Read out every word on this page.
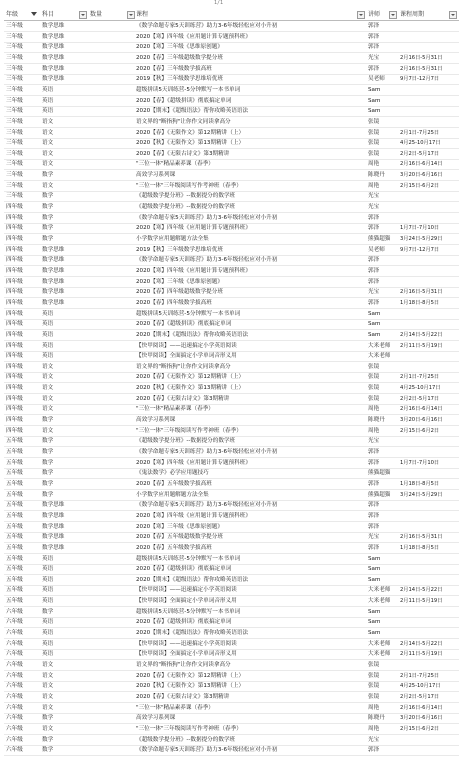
1/1
年级	科目	数量	课程	讲师	课程周期
三年级	数学思维	《数学命题专家5天训练营》助力3-6年级轻松应对小升初	郭泽
三年级	数学思维	2020【寒】四年级《应用题计算专题预科班》	郭泽
三年级	数学思维	2020【寒】三年级《思维原创题》	郭泽
三年级	数学思维	2020【春】三年级超级数学提分班	光宝	2月16日-5月31日
三年级	数学思维	2020【春】三年级数学拔高班	郭泽	2月16日-5月31日
三年级	数学思维	2019【秋】三年级数学思维培优班	吴老师	9月7日-12月7日
三年级	英语	超级拼读5天训练营-5分钟默写一本书单词	Sam
三年级	英语	2020【春】《超级拼读》彻底搞定单词	Sam
三年级	英语	2020【期末】《超级语法》帮你攻略英语语法	Sam
三年级	语文	语文界的"断指狗"让你作文同读拿高分	张镜
三年级	语文	2020【春】《无限作文》第12期精讲（上）	张镜	2月1日-7月25日
三年级	语文	2020【秋】《无限作文》第13期精讲（上）	张镜	4月25-10月17日
三年级	语文	2020【春】《无限古诗文》第3期精讲	张镜	2月2日-5月17日
三年级	语文	"三位一体"精品素养课（春季）	周艳	2月16日-6月14日
三年级	数学	高效学习系列课	陈晓丹	3月20日-6月16日
三年级	语文	"三位一体"三年级阅读写作考神班（春季）	周艳	2月15日-6月2日
三年级	数学	《超级数学提分班》--数据提分的数学班	光宝
四年级	数学	《超级数学提分班》--数据提分的数学班	光宝
四年级	数学	《数学命题专家5天训练营》助力3-6年级轻松应对小升初	郭泽
四年级	数学	2020【寒】四年级《应用题计算专题预科班》	郭泽	1月7日-7月10日
四年级	数学	小学数学应用题解题方法全集	熊猫超猫	3月24日-5月29日
四年级	数学思维	2019【秋】三年级数学思维培优班	吴老师	9月7日-12月7日
四年级	数学思维	《数学命题专家5天训练营》助力3-6年级轻松应对小升初	郭泽
四年级	数学思维	2020【寒】四年级《应用题计算专题预科班》	郭泽
四年级	数学思维	2020【寒】三年级《思维原创题》	郭泽
四年级	数学思维	2020【春】四年级超级数学提分班	光宝	2月16日-5月31日
四年级	数学思维	2020【春】四年级数学拔高班	郭泽	1月18日-8月5日
四年级	英语	超级拼读5天训练营-5分钟默写一本书单词	Sam
四年级	英语	2020【春】《超级拼读》彻底搞定单词	Sam
四年级	英语	2020【期末】《超级语法》帮你攻略英语语法	Sam	2月14日-5月22日
四年级	英语	【快甲阅读】——迅速搞定小学英语阅读	大米老师	2月11日-5月19日
四年级	英语	【快甲阅读】全面搞定小学单词音形义用	大米老师
四年级	语文	语文界的"断指狗"让你作文同读拿高分	张镜
四年级	语文	2020【春】《无限作文》第12期精讲（上）	张镜	2月1日-7月25日
四年级	语文	2020【秋】《无限作文》第13期精讲（上）	张镜	4月25-10月17日
四年级	语文	2020【春】《无限古诗文》第3期精讲	张镜	2月2日-5月17日
四年级	语文	"三位一体"精品素养课（春季）	周艳	2月16日-6月14日
四年级	数学	高效学习系列课	陈晓丹	3月20日-6月16日
四年级	语文	"三位一体"三年级阅读写作考神班（春季）	周艳	2月15日-6月2日
五年级	数学	《超级数学提分班》--数据提分的数学班	光宝
五年级	数学	《数学命题专家5天训练营》助力3-6年级轻松应对小升初	郭泽
五年级	数学	2020【寒】四年级《应用题计算专题预科班》	郭泽	1月7日-7月10日
五年级	数学	《鬼法数学》必学应用题技巧	熊猫超猫
五年级	数学	2020【春】五年级数学拔高班	郭泽	1月18日-8月5日
五年级	数学	小学数学应用题解题方法全集	熊猫超猫	3月24日-5月29日
五年级	数学思维	《数学命题专家5天训练营》助力3-6年级轻松应对小升初	郭泽
五年级	数学思维	2020【寒】四年级《应用题计算专题预科班》	郭泽
五年级	数学思维	2020【寒】三年级《思维原创题》	郭泽
五年级	数学思维	2020【春】五年级超级数学提分班	光宝	2月16日-5月31日
五年级	数学思维	2020【春】五年级数学拔高班	郭泽	1月18日-8月5日
五年级	英语	超级拼读5天训练营-5分钟默写一本书单词	Sam
五年级	英语	2020【春】《超级拼读》彻底搞定单词	Sam
五年级	英语	2020【期末】《超级语法》帮你攻略英语语法	Sam
五年级	英语	【快甲阅读】——迅速搞定小学英语阅读	大米老师	2月14日-5月22日
五年级	英语	【快甲阅读】全面搞定小学单词音形义用	大米老师	2月11日-5月19日
六年级	数学	超级拼读5天训练营-5分钟默写一本书单词	Sam
六年级	英语	2020【春】《超级拼读》彻底搞定单词	Sam
六年级	英语	2020【期末】《超级语法》帮你攻略英语语法	Sam
六年级	英语	【快甲阅读】——迅速搞定小学英语阅读	大米老师	2月14日-5月22日
六年级	英语	【快甲阅读】全面搞定小学单词音形义用	大米老师	2月11日-5月19日
六年级	语文	语文界的"断指狗"让你作文同读拿高分	张镜
六年级	语文	2020【春】《无限作文》第12期精讲（上）	张镜	2月1日-7月25日
六年级	语文	2020【秋】《无限作文》第13期精讲（上）	张镜	4月25-10月17日
六年级	语文	2020【春】《无限古诗文》第3期精讲	张镜	2月2日-5月17日
六年级	语文	"三位一体"精品素养课（春季）	周艳	2月16日-6月14日
六年级	数学	高效学习系列课	陈晓丹	3月20日-6月16日
六年级	语文	"三位一体"三年级阅读写作考神班（春季）	周艳	2月15日-6月2日
六年级	数学	《超级数学提分班》--数据提分的数学班	光宝
六年级	数学	《数学命题专家5天训练营》助力3-6年级轻松应对小升初	郭泽
